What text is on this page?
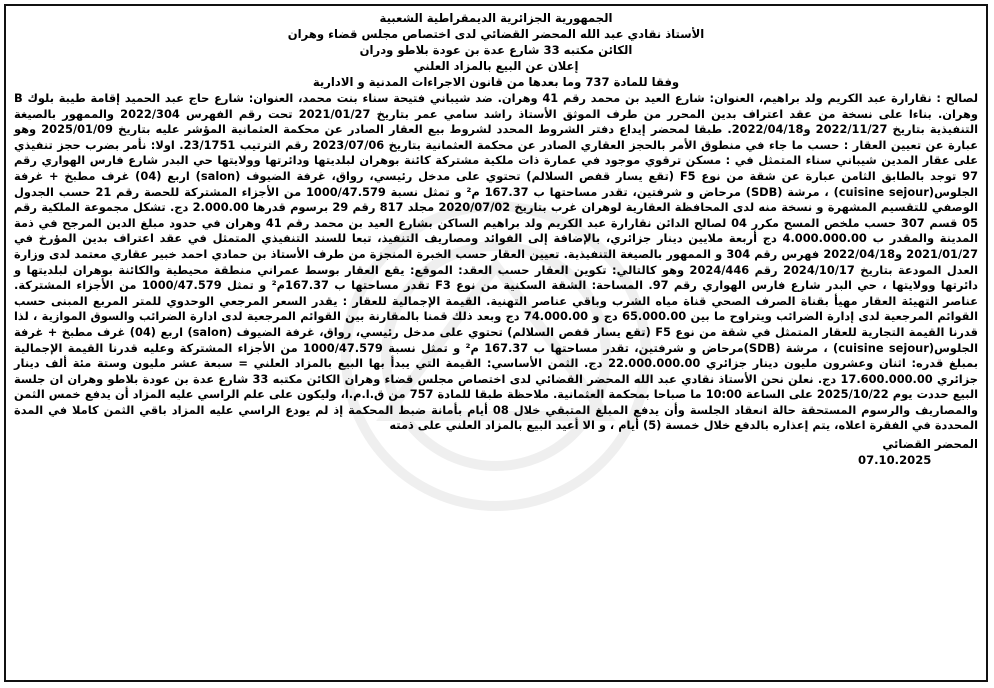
الجمهورية الجزائرية الديمقراطية الشعبية
الأستاذ نقادي عبد الله المحضر القضائي لدى اختصاص مجلس قضاء وهران
الكائن مكتبه 33 شارع عدة بن عودة بلاطو ودران
إعلان عن البيع بالمزاد العلني
وفقا للمادة 737 وما بعدها من قانون الاجراءات المدنية و الادارية
لصالح : نقارارة عبد الكريم ولد براهيم، العنوان: شارع العيد بن محمد رقم 41 وهران. ضد شيباني فتيحة سناء بنت محمد، العنوان: شارع حاج عبد الحميد إقامة طيبة بلوك B وهران. بناءا على نسخة من عقد اعتراف بدين المحرر من طرف الموثق الأستاذ راشد سامي عمر بتاريخ 2021/01/27 تحت رقم الفهرس 2022/304 والممهور بالصيغة التنفيذية بتاريخ 2022/11/27 و2022/04/18. طبقا لمحضر إيداع دفتر الشروط المحدد لشروط بيع العقار الصادر عن محكمة العثمانية المؤشر عليه بتاريخ 2025/01/09 وهو عبارة عن تعيين العقار : حسب ما جاء في منطوق الأمر بالحجز العقاري الصادر عن محكمة العثمانية بتاريخ 2023/07/06 رقم الترتيب 23/1751. اولا: نأمر بضرب حجز تنفيذي على عقار المدين شيباني سناء المتمثل في : مسكن ترقوي موجود في عمارة ذات ملكية مشتركة كائنة بوهران لبلديتها ودائرتها وولايتها حي البدر شارع فارس الهواري رقم 97 توجد بالطابق الثامن عبارة عن شقة من نوع F5 (تقع يسار قفص السلالم) تحتوي على مدخل رئيسي، رواق، غرفة الضيوف (salon) اربع (04) غرف مطبخ + غرفة الجلوس(cuisine sejour) ، مرشة (SDB) مرحاض و شرفتين، تقدر مساحتها ب 167.37 م² و تمثل نسبة 1000/47.579 من الأجزاء المشتركة للحصة رقم 21 حسب الجدول الوصفي للتقسيم المشهرة و نسخة منه لدى المحافظة العقارية لوهران غرب بتاريخ 2020/07/02 مجلد 817 رقم 29 برسوم قدرها 2.000.00 دج. تشكل مجموعة الملكية رقم 05 قسم 307 حسب ملخص المسح مكرر 04 لصالح الدائن نقارارة عبد الكريم ولد براهيم الساكن بشارع العيد بن محمد رقم 41 وهران في حدود مبلغ الدين المرجح في ذمة المدينة والمقدر ب 4.000.000.00 دج أربعة ملايين دينار جزائري، بالإضافة إلى الفوائد ومصاريف التنفيذ، تبعا للسند التنفيذي المتمثل في عقد اعتراف بدين المؤرخ في 2021/01/27 و2022/04/18 فهرس رقم 304 و الممهور بالصيغة التنفيذية. تعيين العقار حسب الخبرة المنجزة من طرف الأستاذ بن حمادي احمد خبير عقاري معتمد لدى وزارة العدل المودعة بتاريخ 2024/10/17 رقم 2024/446 وهو كالتالي: تكوين العقار حسب العقد: الموقع: يقع العقار بوسط عمراني منطقة محيطية والكائنة بوهران لبلديتها و دائرتها وولايتها ، حي البدر شارع فارس الهواري رقم 97. المساحة: الشقة السكنية من نوع F3 تقدر مساحتها ب 167.37م² و تمثل 1000/47.579 من الأجزاء المشتركة. عناصر التهيئة العقار مهيأ بقناة الصرف الصحي قناة مياه الشرب وباقي عناصر التهنية. القيمة الإجمالية للعقار : يقدر السعر المرجعي الوحدوي للمتر المربع المبنى حسب القوائم المرجعية لدى إدارة الضرائب ويتراوح ما بين 65.000.00 دج و 74.000.00 دج وبعد ذلك قمنا بالمقارنة بين القوائم المرجعية لدى ادارة الضرائب والسوق الموازية ، لذا قدرنا القيمة التجارية للعقار المتمثل في شقة من نوع F5 (تقع يسار قفص السلالم) تحتوي على مدخل رئيسي، رواق، غرفة الضيوف (salon) اربع (04) غرف مطبخ + غرفة الجلوس(cuisine sejour) ، مرشة (SDB)مرحاض و شرفتين، تقدر مساحتها ب 167.37 م² و تمثل نسبة 1000/47.579 من الأجزاء المشتركة وعليه قدرنا القيمة الإجمالية بمبلغ قدره: اثنان وعشرون مليون دينار جزائري 22.000.000.00 دج. الثمن الأساسي: القيمة التي يبدأ بها البيع بالمزاد العلني = سبعة عشر مليون وستة مئة ألف دينار جزائري 17.600.000.00 دج. نعلن نحن الأستاذ نقادي عبد الله المحضر القضائي لدى اختصاص مجلس قضاء وهران الكائن مكتبه 33 شارع عدة بن عودة بلاطو وهران ان جلسة البيع حددت يوم 2025/10/22 على الساعة 10:00 ما صباحا بمحكمة العثمانية. ملاحظة طبقا للمادة 757 من ق.ا.م.ا، وليكون على علم الراسي عليه المزاد أن يدفع خمس الثمن والمصاريف والرسوم المستحقة حالة انعقاد الجلسة وأن يدفع المبلغ المتبقي خلال 08 أيام بأمانة ضبط المحكمة إذ لم يودع الراسي عليه المزاد باقي الثمن كاملا في المدة المحددة في الفقرة اعلاه، يتم إعذاره بالدفع خلال خمسة (5) أيام ، و الا أعيد البيع بالمزاد العلني على ذمته
المحضر القضائي
07.10.2025
